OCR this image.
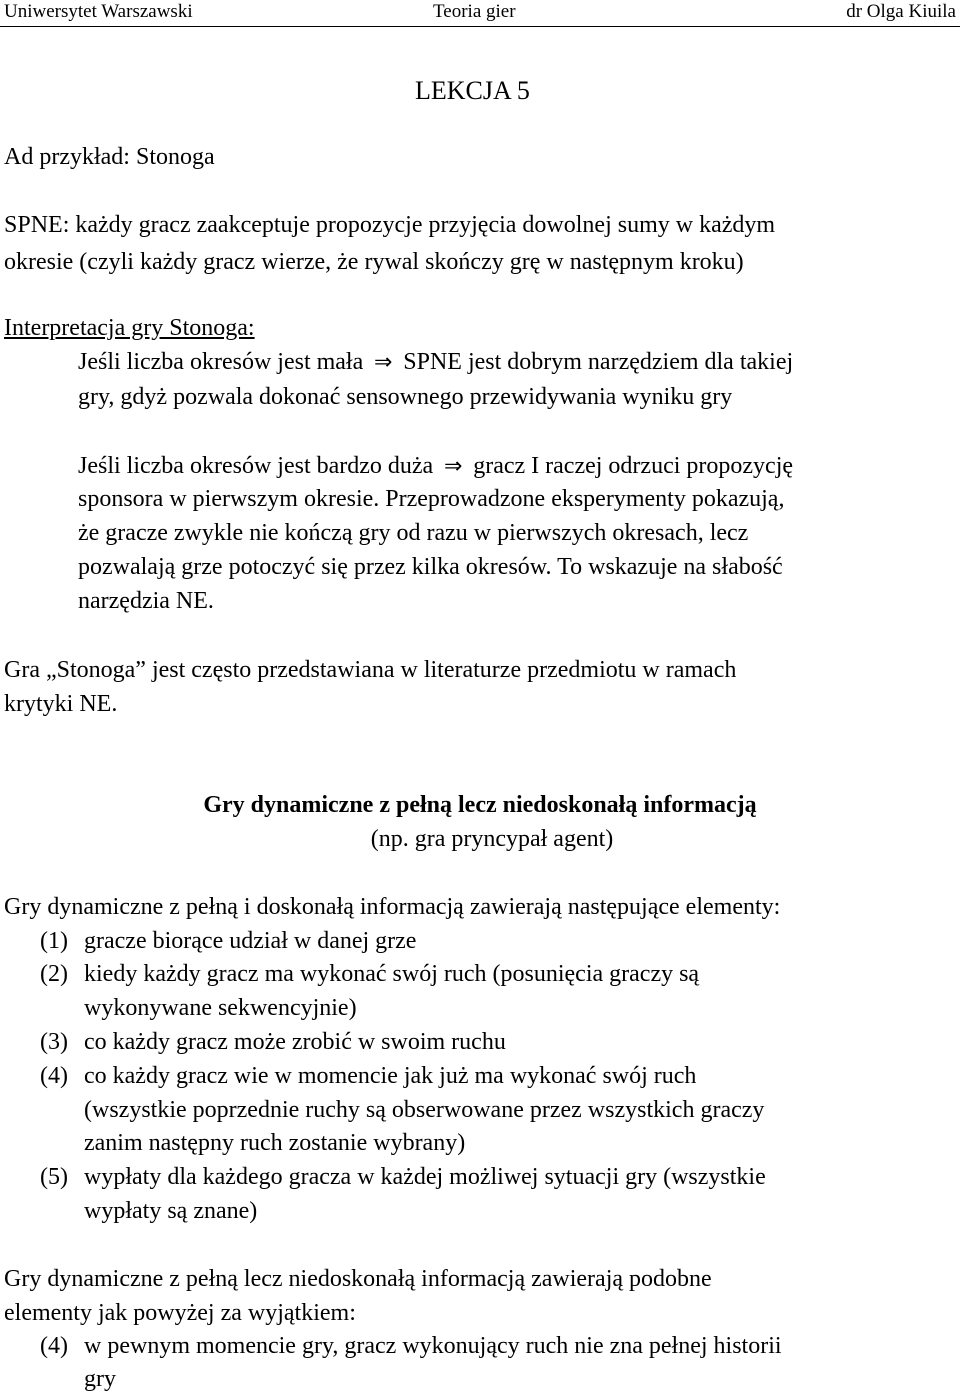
Uniwersytet Warszawski	Teoria gier	dr Olga Kiuila
LEKCJA 5
Ad przykład: Stonoga
SPNE: każdy gracz zaakceptuje propozycje przyjęcia dowolnej sumy w każdym
okresie (czyli każdy gracz wierze, że rywal skończy grę w następnym kroku)
Interpretacja gry Stonoga:
Jeśli liczba okresów jest mała ⇒ SPNE jest dobrym narzędziem dla takiej
gry, gdyż pozwala dokonać sensownego przewidywania wyniku gry
Jeśli liczba okresów jest bardzo duża ⇒ gracz I raczej odrzuci propozycję
sponsora w pierwszym okresie. Przeprowadzone eksperymenty pokazują,
że gracze zwykle nie kończą gry od razu w pierwszych okresach, lecz
pozwalają grze potoczyć się przez kilka okresów. To wskazuje na słabość
narzędzia NE.
Gra „Stonoga” jest często przedstawiana w literaturze przedmiotu w ramach
krytyki NE.
Gry dynamiczne z pełną lecz niedoskonałą informacją
(np. gra pryncypał agent)
Gry dynamiczne z pełną i doskonałą informacją zawierają następujące elementy:
(1) gracze biorące udział w danej grze
(2) kiedy każdy gracz ma wykonać swój ruch (posunięcia graczy są
wykonywane sekwencyjnie)
(3) co każdy gracz może zrobić w swoim ruchu
(4) co każdy gracz wie w momencie jak już ma wykonać swój ruch
(wszystkie poprzednie ruchy są obserwowane przez wszystkich graczy
zanim następny ruch zostanie wybrany)
(5) wypłaty dla każdego gracza w każdej możliwej sytuacji gry (wszystkie
wypłaty są znane)
Gry dynamiczne z pełną lecz niedoskonałą informacją zawierają podobne
elementy jak powyżej za wyjątkiem:
(4) w pewnym momencie gry, gracz wykonujący ruch nie zna pełnej historii
gry
